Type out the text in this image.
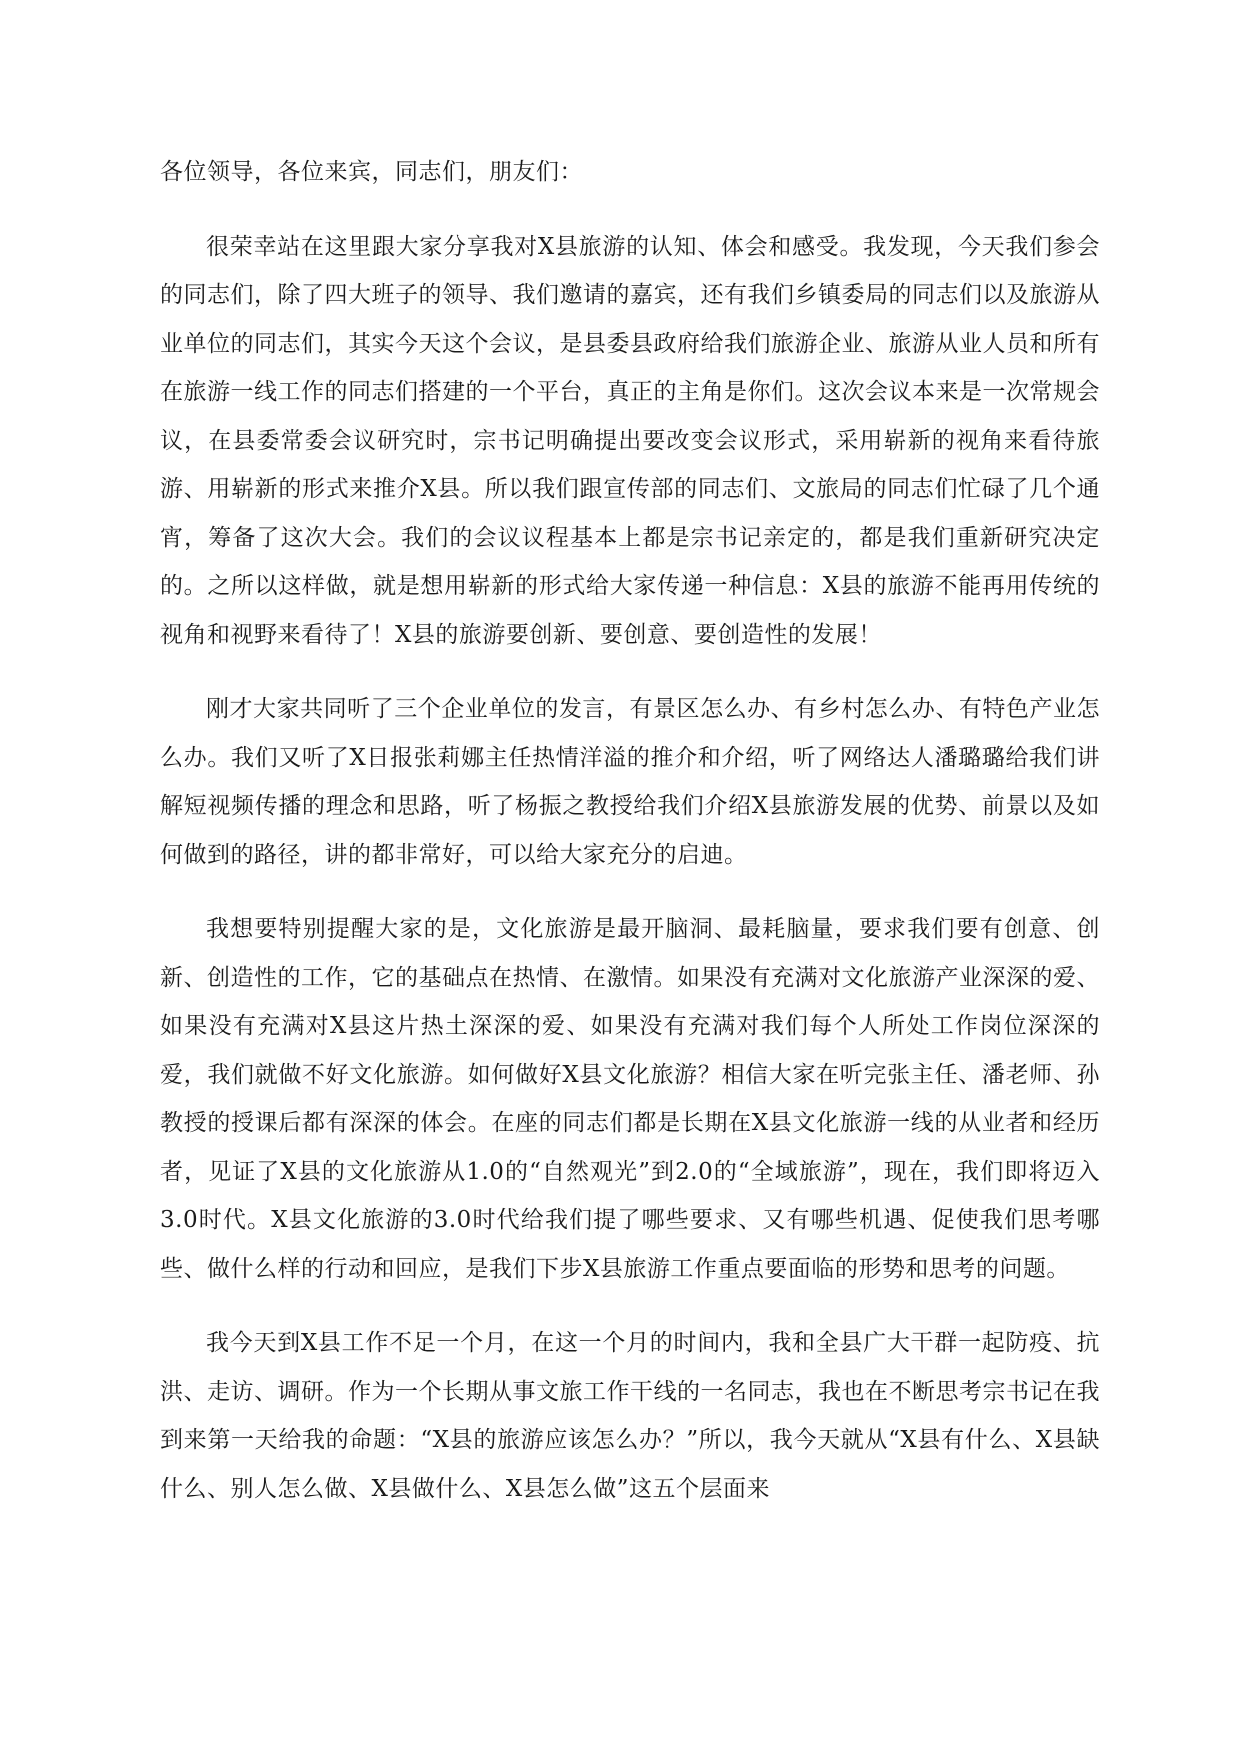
各位领导，各位来宾，同志们，朋友们：

很荣幸站在这里跟大家分享我对X县旅游的认知、体会和感受。我发现，今天我们参会的同志们，除了四大班子的领导、我们邀请的嘉宾，还有我们乡镇委局的同志们以及旅游从业单位的同志们，其实今天这个会议，是县委县政府给我们旅游企业、旅游从业人员和所有在旅游一线工作的同志们搭建的一个平台，真正的主角是你们。这次会议本来是一次常规会议，在县委常委会议研究时，宗书记明确提出要改变会议形式，采用崭新的视角来看待旅游、用崭新的形式来推介X县。所以我们跟宣传部的同志们、文旅局的同志们忙碌了几个通宵，筹备了这次大会。我们的会议议程基本上都是宗书记亲定的，都是我们重新研究决定的。之所以这样做，就是想用崭新的形式给大家传递一种信息：X县的旅游不能再用传统的视角和视野来看待了！X县的旅游要创新、要创意、要创造性的发展！

刚才大家共同听了三个企业单位的发言，有景区怎么办、有乡村怎么办、有特色产业怎么办。我们又听了X日报张莉娜主任热情洋溢的推介和介绍，听了网络达人潘璐璐给我们讲解短视频传播的理念和思路，听了杨振之教授给我们介绍X县旅游发展的优势、前景以及如何做到的路径，讲的都非常好，可以给大家充分的启迪。

我想要特别提醒大家的是，文化旅游是最开脑洞、最耗脑量，要求我们要有创意、创新、创造性的工作，它的基础点在热情、在激情。如果没有充满对文化旅游产业深深的爱、如果没有充满对X县这片热土深深的爱、如果没有充满对我们每个人所处工作岗位深深的爱，我们就做不好文化旅游。如何做好X县文化旅游？相信大家在听完张主任、潘老师、孙教授的授课后都有深深的体会。在座的同志们都是长期在X县文化旅游一线的从业者和经历者，见证了X县的文化旅游从1.0的“自然观光”到2.0的“全域旅游”，现在，我们即将迈入3.0时代。X县文化旅游的3.0时代给我们提了哪些要求、又有哪些机遇、促使我们思考哪些、做什么样的行动和回应，是我们下步X县旅游工作重点要面临的形势和思考的问题。

我今天到X县工作不足一个月，在这一个月的时间内，我和全县广大干群一起防疫、抗洪、走访、调研。作为一个长期从事文旅工作干线的一名同志，我也在不断思考宗书记在我到来第一天给我的命题：“X县的旅游应该怎么办？”所以，我今天就从“X县有什么、X县缺什么、别人怎么做、X县做什么、X县怎么做”这五个层面来
